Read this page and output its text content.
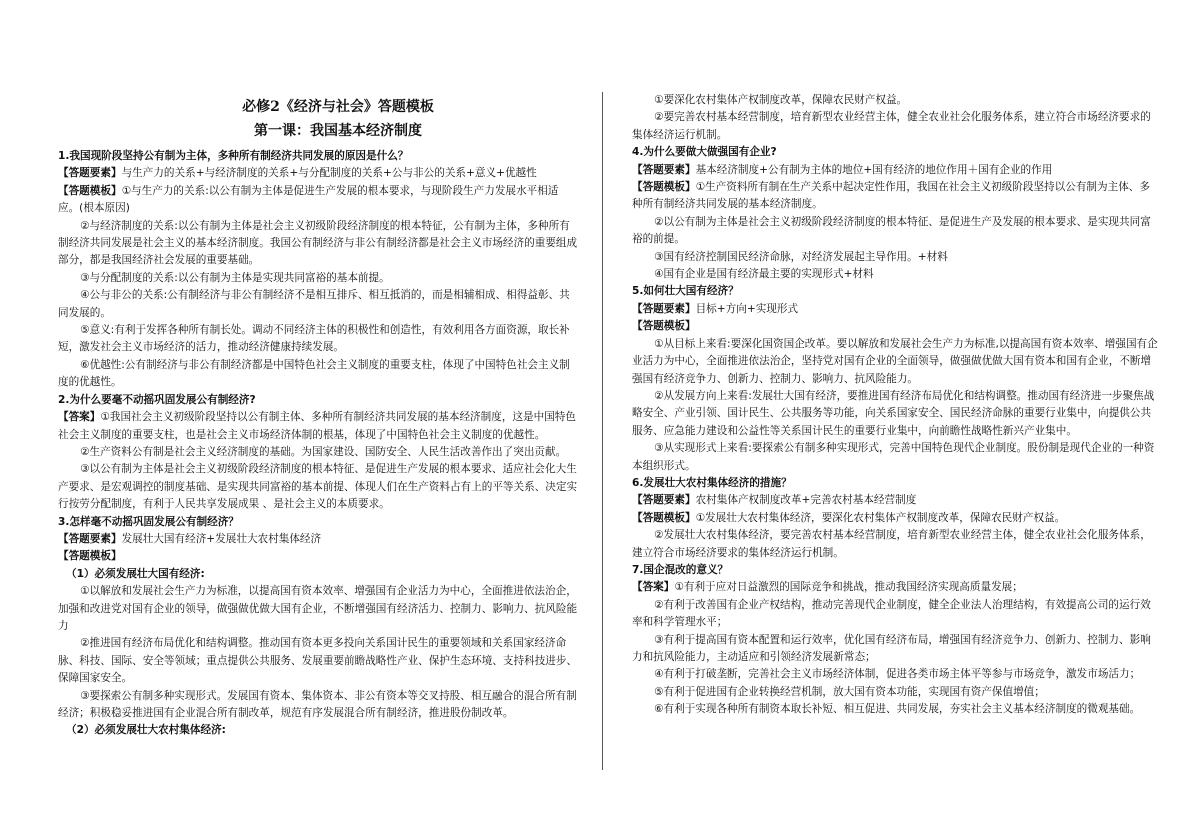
必修2《经济与社会》答题模板
第一课：我国基本经济制度
1.我国现阶段坚持公有制为主体，多种所有制经济共同发展的原因是什么？
【答题要素】与生产力的关系+与经济制度的关系+与分配制度的关系+公与非公的关系+意义+优越性
【答题模板】①与生产力的关系:以公有制为主体是促进生产发展的根本要求，与现阶段生产力发展水平相适应。(根本原因)
②与经济制度的关系:以公有制为主体是社会主义初级阶段经济制度的根本特征，公有制为主体，多种所有制经济共同发展是社会主义的基本经济制度。我国公有制经济与非公有制经济都是社会主义市场经济的重要组成部分，都是我国经济社会发展的重要基础。
③与分配制度的关系:以公有制为主体是实现共同富裕的基本前提。
④公与非公的关系:公有制经济与非公有制经济不是相互排斥、相互抵消的，而是相辅相成、相得益彰、共同发展的。
⑤意义:有利于发挥各种所有制长处。调动不同经济主体的积极性和创造性，有效利用各方面资源，取长补短，激发社会主义市场经济的活力，推动经济健康持续发展。
⑥优越性:公有制经济与非公有制经济都是中国特色社会主义制度的重要支柱，体现了中国特色社会主义制度的优越性。
2.为什么要毫不动摇巩固发展公有制经济?
【答案】①我国社会主义初级阶段坚持以公有制主体、多种所有制经济共同发展的基本经济制度，这是中国特色社会主义制度的重要支柱，也是社会主义市场经济体制的根基，体现了中国特色社会主义制度的优越性。
②生产资料公有制是社会主义经济制度的基础。为国家建设、国防安全、人民生活改善作出了突出贡献。
③以公有制为主体是社会主义初级阶段经济制度的根本特征、是促进生产发展的根本要求、适应社会化大生产要求、是宏观调控的制度基础、是实现共同富裕的基本前提、体现人们在生产资料占有上的平等关系、决定实行按劳分配制度，有利于人民共享发展成果 、是社会主义的本质要求。
3.怎样毫不动摇巩固发展公有制经济？
【答题要素】发展壮大国有经济+发展壮大农村集体经济
【答题模板】
（1）必须发展壮大国有经济:
①以解放和发展社会生产力为标准，以提高国有资本效率、增强国有企业活力为中心，全面推进依法治企，加强和改进党对国有企业的领导，做强做优做大国有企业，不断增强国有经济活力、控制力、影响力、抗风险能力
②推进国有经济布局优化和结构调整。推动国有资本更多投向关系国计民生的重要领域和关系国家经济命脉、科技、国际、安全等领域；重点提供公共服务、发展重要前瞻战略性产业、保护生态环境、支持科技进步、保障国家安全。
③要探索公有制多种实现形式。发展国有资本、集体资本、非公有资本等交叉持股、相互融合的混合所有制经济；积极稳妥推进国有企业混合所有制改革，规范有序发展混合所有制经济，推进股份制改革。
（2）必须发展壮大农村集体经济:
①要深化农村集体产权制度改革，保障农民财产权益。
②要完善农村基本经营制度，培育新型农业经营主体，健全农业社会化服务体系，建立符合市场经济要求的集体经济运行机制。
4.为什么要做大做强国有企业?
【答题要素】基本经济制度+公有制为主体的地位+国有经济的地位作用＋国有企业的作用
【答题模板】①生产资料所有制在生产关系中起决定性作用，我国在社会主义初级阶段坚持以公有制为主体、多种所有制经济共同发展的基本经济制度。
②以公有制为主体是社会主义初级阶段经济制度的根本特征、是促进生产及发展的根本要求、是实现共同富裕的前提。
③国有经济控制国民经济命脉，对经济发展起主导作用。+材料
④国有企业是国有经济最主要的实现形式+材料
5.如何壮大国有经济？
【答题要素】目标+方向+实现形式
【答题模板】
①从目标上来看:要深化国资国企改革。要以解放和发展社会生产力为标准,以提高国有资本效率、增强国有企业活力为中心，全面推进依法治企，坚持党对国有企业的全面领导，做强做优做大国有资本和国有企业，不断增强国有经济竞争力、创新力、控制力、影响力、抗风险能力。
②从发展方向上来看:发展壮大国有经济，要推进国有经济布局优化和结构调整。推动国有经济进一步聚焦战略安全、产业引领、国计民生、公共服务等功能，向关系国家安全、国民经济命脉的重要行业集中，向提供公共服务、应急能力建设和公益性等关系国计民生的重要行业集中，向前瞻性战略性新兴产业集中。
③从实现形式上来看:要探索公有制多种实现形式，完善中国特色现代企业制度。股份制是现代企业的一种资本组织形式。
6.发展壮大农村集体经济的措施？
【答题要素】农村集体产权制度改革+完善农村基本经营制度
【答题模板】①发展壮大农村集体经济，要深化农村集体产权制度改革，保障农民财产权益。
②发展壮大农村集体经济，要完善农村基本经营制度，培育新型农业经营主体，健全农业社会化服务体系，建立符合市场经济要求的集体经济运行机制。
7.国企混改的意义？
【答案】①有利于应对日益激烈的国际竞争和挑战，推动我国经济实现高质量发展；
②有利于改善国有企业产权结构，推动完善现代企业制度，健全企业法人治理结构，有效提高公司的运行效率和科学管理水平；
③有利于提高国有资本配置和运行效率，优化国有经济布局，增强国有经济竞争力、创新力、控制力、影响力和抗风险能力，主动适应和引领经济发展新常态；
④有利于打破垄断，完善社会主义市场经济体制，促进各类市场主体平等参与市场竞争，激发市场活力；
⑤有利于促进国有企业转换经营机制，放大国有资本功能，实现国有资产保值增值；
⑥有利于实现各种所有制资本取长补短、相互促进、共同发展，夯实社会主义基本经济制度的微观基础。
